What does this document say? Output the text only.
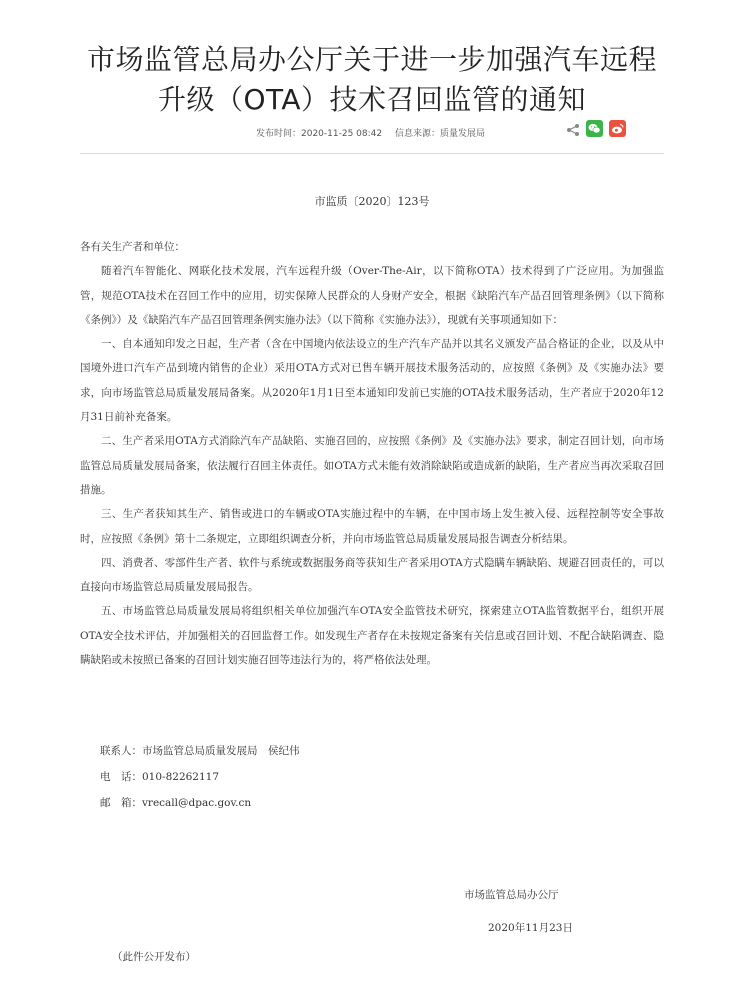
市场监管总局办公厅关于进一步加强汽车远程
升级（OTA）技术召回监管的通知
发布时间：2020-11-25 08:42 信息来源：质量发展局
市监质〔2020〕123号

各有关生产者和单位：

随着汽车智能化、网联化技术发展，汽车远程升级（Over-The-Air，以下简称OTA）技术得到了广泛应用。为加强监管，规范OTA技术在召回工作中的应用，切实保障人民群众的人身财产安全，根据《缺陷汽车产品召回管理条例》（以下简称《条例》）及《缺陷汽车产品召回管理条例实施办法》（以下简称《实施办法》），现就有关事项通知如下：

一、自本通知印发之日起，生产者（含在中国境内依法设立的生产汽车产品并以其名义颁发产品合格证的企业，以及从中国境外进口汽车产品到境内销售的企业）采用OTA方式对已售车辆开展技术服务活动的，应按照《条例》及《实施办法》要求，向市场监管总局质量发展局备案。从2020年1月1日至本通知印发前已实施的OTA技术服务活动，生产者应于2020年12月31日前补充备案。

二、生产者采用OTA方式消除汽车产品缺陷、实施召回的，应按照《条例》及《实施办法》要求，制定召回计划，向市场监管总局质量发展局备案，依法履行召回主体责任。如OTA方式未能有效消除缺陷或造成新的缺陷，生产者应当再次采取召回措施。

三、生产者获知其生产、销售或进口的车辆或OTA实施过程中的车辆，在中国市场上发生被入侵、远程控制等安全事故时，应按照《条例》第十二条规定，立即组织调查分析，并向市场监管总局质量发展局报告调查分析结果。

四、消费者、零部件生产者、软件与系统或数据服务商等获知生产者采用OTA方式隐瞒车辆缺陷、规避召回责任的，可以直接向市场监管总局质量发展局报告。

五、市场监管总局质量发展局将组织相关单位加强汽车OTA安全监管技术研究，探索建立OTA监管数据平台，组织开展OTA安全技术评估，并加强相关的召回监督工作。如发现生产者存在未按规定备案有关信息或召回计划、不配合缺陷调查、隐瞒缺陷或未按照已备案的召回计划实施召回等违法行为的，将严格依法处理。

联系人：市场监管总局质量发展局　侯纪伟
电　话：010-82262117
邮　箱：vrecall@dpac.gov.cn
市场监管总局办公厅
2020年11月23日
（此件公开发布）
